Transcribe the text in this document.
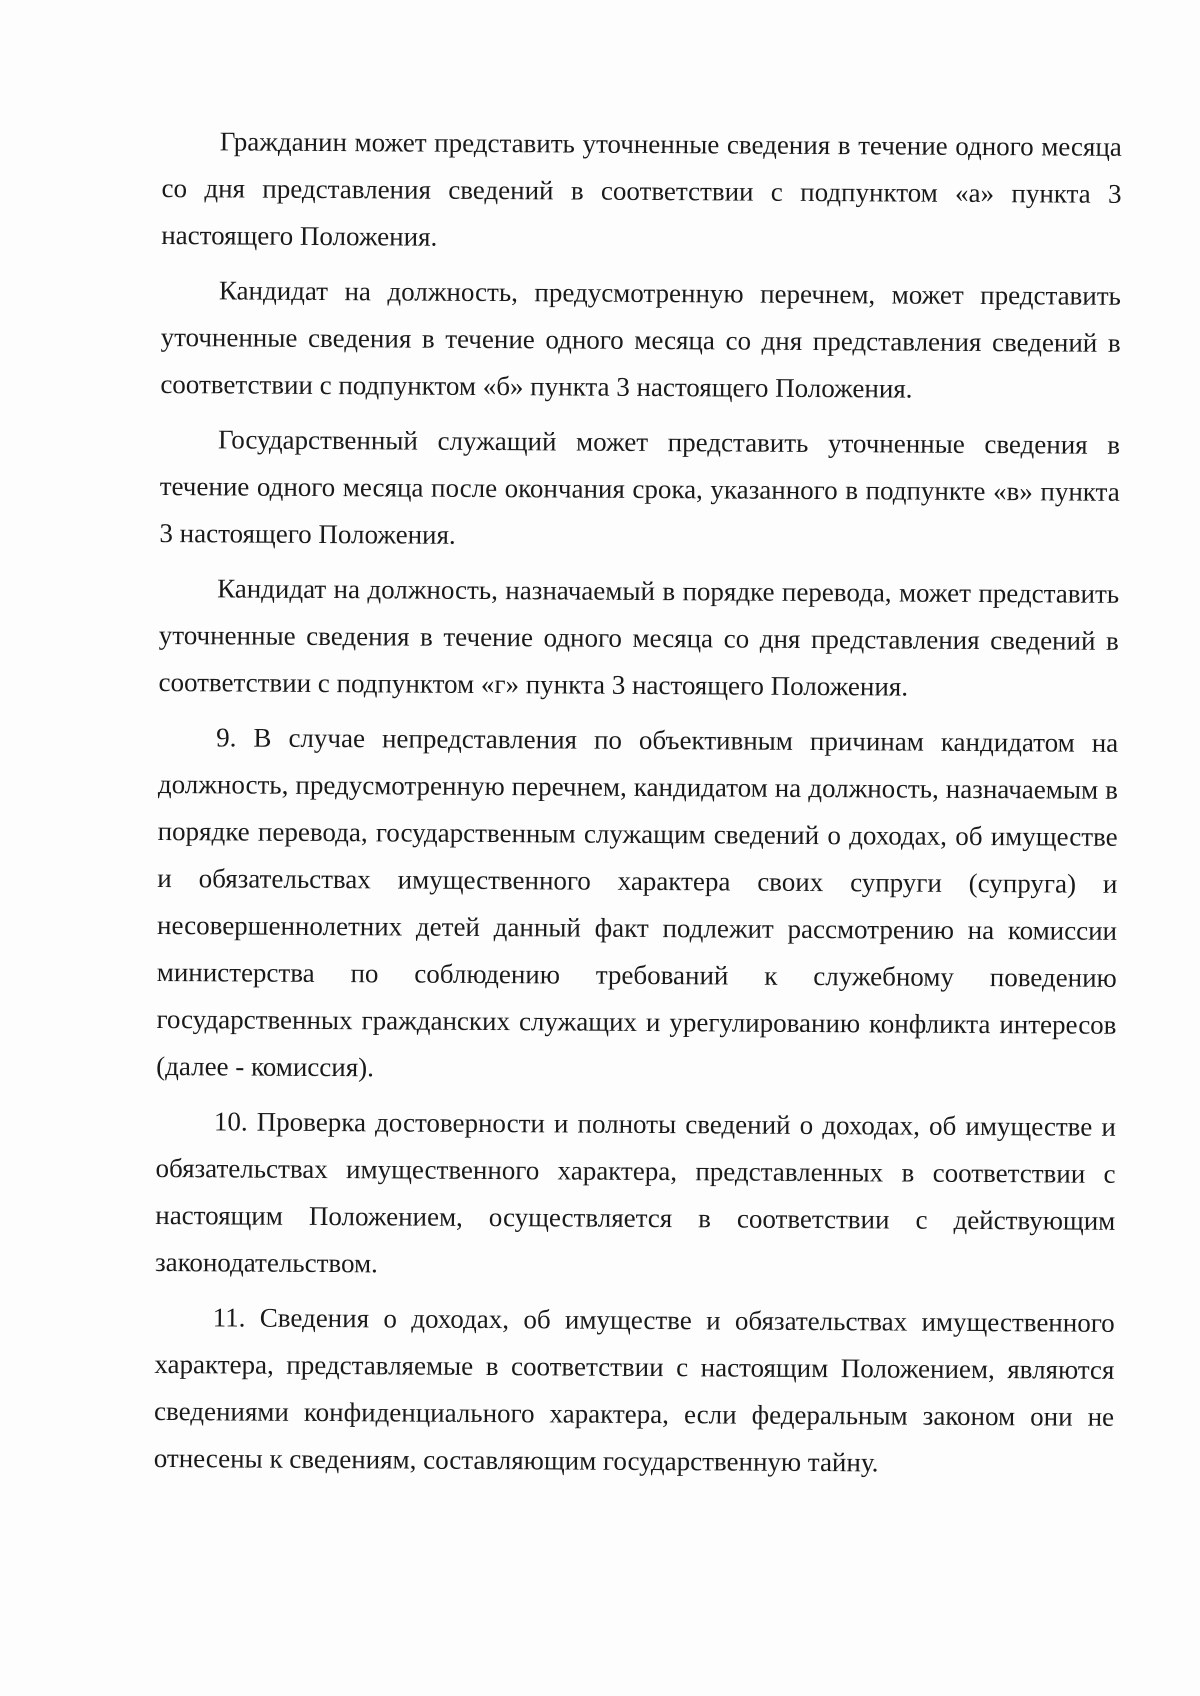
Гражданин может представить уточненные сведения в течение одного месяца со дня представления сведений в соответствии с подпунктом «а» пункта 3 настоящего Положения.

Кандидат на должность, предусмотренную перечнем, может представить уточненные сведения в течение одного месяца со дня представления сведений в соответствии с подпунктом «б» пункта 3 настоящего Положения.

Государственный служащий может представить уточненные сведения в течение одного месяца после окончания срока, указанного в подпункте «в» пункта 3 настоящего Положения.

Кандидат на должность, назначаемый в порядке перевода, может представить уточненные сведения в течение одного месяца со дня представления сведений в соответствии с подпунктом «г» пункта 3 настоящего Положения.

9. В случае непредставления по объективным причинам кандидатом на должность, предусмотренную перечнем, кандидатом на должность, назначаемым в порядке перевода, государственным служащим сведений о доходах, об имуществе и обязательствах имущественного характера своих супруги (супруга) и несовершеннолетних детей данный факт подлежит рассмотрению на комиссии министерства по соблюдению требований к служебному поведению государственных гражданских служащих и урегулированию конфликта интересов (далее - комиссия).

10. Проверка достоверности и полноты сведений о доходах, об имуществе и обязательствах имущественного характера, представленных в соответствии с настоящим Положением, осуществляется в соответствии с действующим законодательством.

11. Сведения о доходах, об имуществе и обязательствах имущественного характера, представляемые в соответствии с настоящим Положением, являются сведениями конфиденциального характера, если федеральным законом они не отнесены к сведениям, составляющим государственную тайну.
